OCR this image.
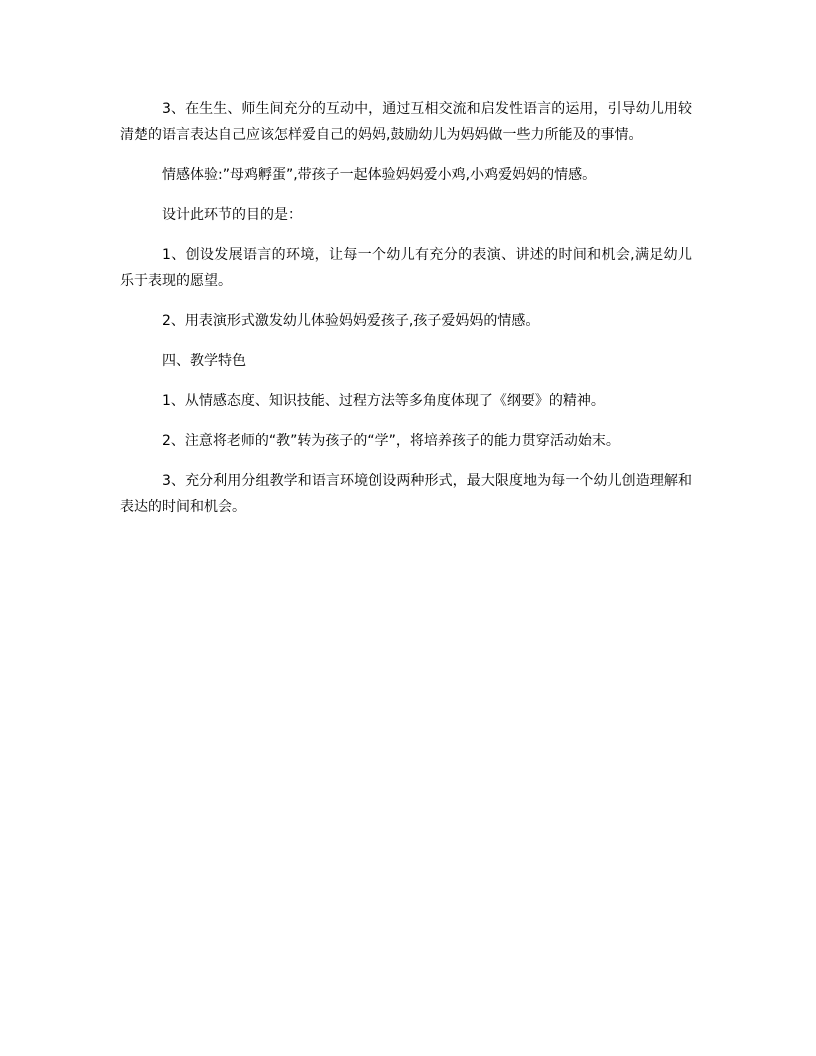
3、在生生、师生间充分的互动中，通过互相交流和启发性语言的运用，引导幼儿用较清楚的语言表达自己应该怎样爱自己的妈妈,鼓励幼儿为妈妈做一些力所能及的事情。

情感体验:”母鸡孵蛋”,带孩子一起体验妈妈爱小鸡,小鸡爱妈妈的情感。

设计此环节的目的是：

1、创设发展语言的环境，让每一个幼儿有充分的表演、讲述的时间和机会,满足幼儿乐于表现的愿望。

2、用表演形式激发幼儿体验妈妈爱孩子,孩子爱妈妈的情感。

四、教学特色

1、从情感态度、知识技能、过程方法等多角度体现了《纲要》的精神。

2、注意将老师的“教”转为孩子的“学”，将培养孩子的能力贯穿活动始末。

3、充分利用分组教学和语言环境创设两种形式，最大限度地为每一个幼儿创造理解和表达的时间和机会。
